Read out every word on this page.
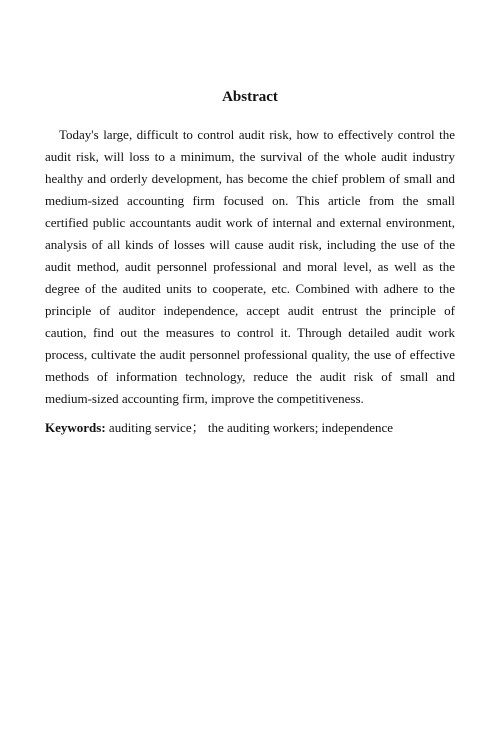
Abstract

Today's large, difficult to control audit risk, how to effectively control the audit risk, will loss to a minimum, the survival of the whole audit industry healthy and orderly development, has become the chief problem of small and medium-sized accounting firm focused on. This article from the small certified public accountants audit work of internal and external environment, analysis of all kinds of losses will cause audit risk, including the use of the audit method, audit personnel professional and moral level, as well as the degree of the audited units to cooperate, etc. Combined with adhere to the principle of auditor independence, accept audit entrust the principle of caution, find out the measures to control it. Through detailed audit work process, cultivate the audit personnel professional quality, the use of effective methods of information technology, reduce the audit risk of small and medium-sized accounting firm, improve the competitiveness.

Keywords: auditing service； the auditing workers; independence
